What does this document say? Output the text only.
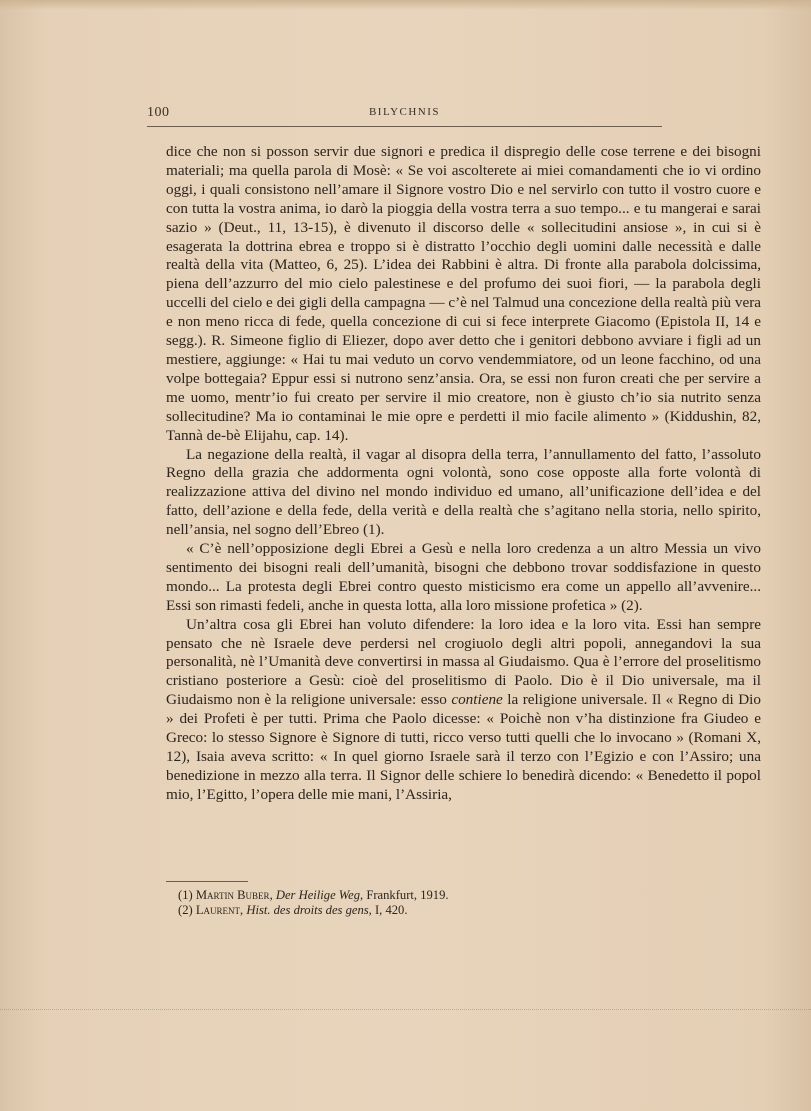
100	BILYCHNIS

dice che non si posson servir due signori e predica il dispregio delle cose terrene e dei bisogni materiali; ma quella parola di Mosè: « Se voi ascolterete ai miei comandamenti che io vi ordino oggi, i quali consistono nell’amare il Signore vostro Dio e nel servirlo con tutto il vostro cuore e con tutta la vostra anima, io darò la pioggia della vostra terra a suo tempo... e tu mangerai e sarai sazio » (Deut., 11, 13-15), è divenuto il discorso delle « sollecitudini ansiose », in cui si è esagerata la dottrina ebrea e troppo si è distratto l’occhio degli uomini dalle necessità e dalle realtà della vita (Matteo, 6, 25). L’idea dei Rabbini è altra. Di fronte alla parabola dolcissima, piena dell’azzurro del mio cielo palestinese e del profumo dei suoi fiori, — la parabola degli uccelli del cielo e dei gigli della campagna — c’è nel Talmud una concezione della realtà più vera e non meno ricca di fede, quella concezione di cui si fece interprete Giacomo (Epistola II, 14 e segg.). R. Simeone figlio di Eliezer, dopo aver detto che i genitori debbono avviare i figli ad un mestiere, aggiunge: « Hai tu mai veduto un corvo vendemmiatore, od un leone facchino, od una volpe bottegaia? Eppur essi si nutrono senz’ansia. Ora, se essi non furon creati che per servire a me uomo, mentr’io fui creato per servire il mio creatore, non è giusto ch’io sia nutrito senza sollecitudine? Ma io contaminai le mie opre e perdetti il mio facile alimento » (Kiddushin, 82, Tannà de-bè Elijahu, cap. 14).

La negazione della realtà, il vagar al disopra della terra, l’annullamento del fatto, l’assoluto Regno della grazia che addormenta ogni volontà, sono cose opposte alla forte volontà di realizzazione attiva del divino nel mondo individuo ed umano, all’unificazione dell’idea e del fatto, dell’azione e della fede, della verità e della realtà che s’agitano nella storia, nello spirito, nell’ansia, nel sogno dell’Ebreo (1).

« C’è nell’opposizione degli Ebrei a Gesù e nella loro credenza a un altro Messia un vivo sentimento dei bisogni reali dell’umanità, bisogni che debbono trovar soddisfazione in questo mondo... La protesta degli Ebrei contro questo misticismo era come un appello all’avvenire... Essi son rimasti fedeli, anche in questa lotta, alla loro missione profetica » (2).

Un’altra cosa gli Ebrei han voluto difendere: la loro idea e la loro vita. Essi han sempre pensato che nè Israele deve perdersi nel crogiuolo degli altri popoli, annegandovi la sua personalità, nè l’Umanità deve convertirsi in massa al Giudaismo. Qua è l’errore del proselitismo cristiano posteriore a Gesù: cioè del proselitismo di Paolo. Dio è il Dio universale, ma il Giudaismo non è la religione universale: esso contiene la religione universale. Il « Regno di Dio » dei Profeti è per tutti. Prima che Paolo dicesse: « Poichè non v’ha distinzione fra Giudeo e Greco: lo stesso Signore è Signore di tutti, ricco verso tutti quelli che lo invocano » (Romani X, 12), Isaia aveva scritto: « In quel giorno Israele sarà il terzo con l’Egizio e con l’Assiro; una benedizione in mezzo alla terra. Il Signor delle schiere lo benedirà dicendo: « Benedetto il popol mio, l’Egitto, l’opera delle mie mani, l’Assiria,

(1) Martin Buber, Der Heilige Weg, Frankfurt, 1919.
(2) Laurent, Hist. des droits des gens, I, 420.
